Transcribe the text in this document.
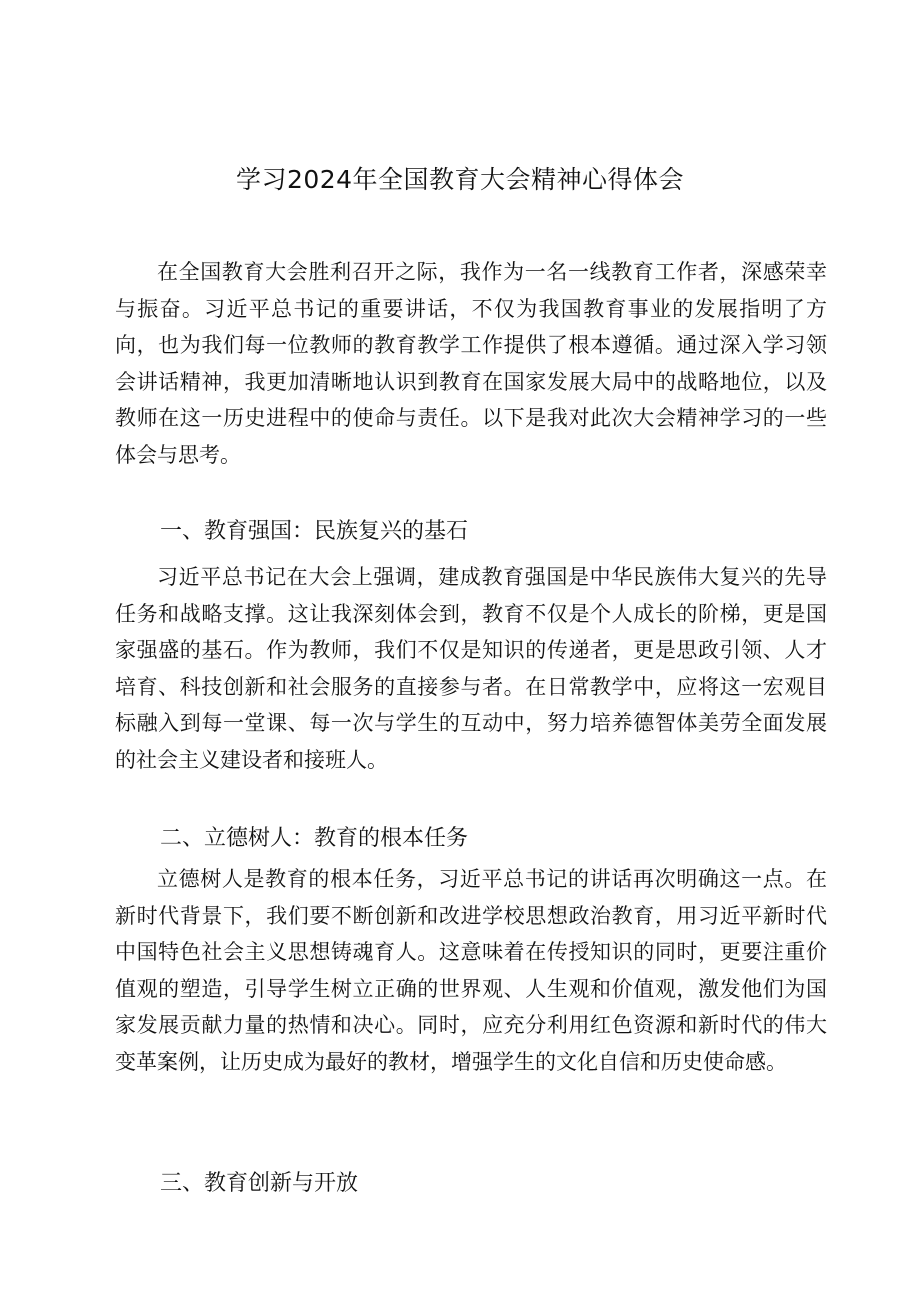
学习2024年全国教育大会精神心得体会

在全国教育大会胜利召开之际，我作为一名一线教育工作者，深感荣幸与振奋。习近平总书记的重要讲话，不仅为我国教育事业的发展指明了方向，也为我们每一位教师的教育教学工作提供了根本遵循。通过深入学习领会讲话精神，我更加清晰地认识到教育在国家发展大局中的战略地位，以及教师在这一历史进程中的使命与责任。以下是我对此次大会精神学习的一些体会与思考。

一、教育强国：民族复兴的基石

习近平总书记在大会上强调，建成教育强国是中华民族伟大复兴的先导任务和战略支撑。这让我深刻体会到，教育不仅是个人成长的阶梯，更是国家强盛的基石。作为教师，我们不仅是知识的传递者，更是思政引领、人才培育、科技创新和社会服务的直接参与者。在日常教学中，应将这一宏观目标融入到每一堂课、每一次与学生的互动中，努力培养德智体美劳全面发展的社会主义建设者和接班人。

二、立德树人：教育的根本任务

立德树人是教育的根本任务，习近平总书记的讲话再次明确这一点。在新时代背景下，我们要不断创新和改进学校思想政治教育，用习近平新时代中国特色社会主义思想铸魂育人。这意味着在传授知识的同时，更要注重价值观的塑造，引导学生树立正确的世界观、人生观和价值观，激发他们为国家发展贡献力量的热情和决心。同时，应充分利用红色资源和新时代的伟大变革案例，让历史成为最好的教材，增强学生的文化自信和历史使命感。

三、教育创新与开放
